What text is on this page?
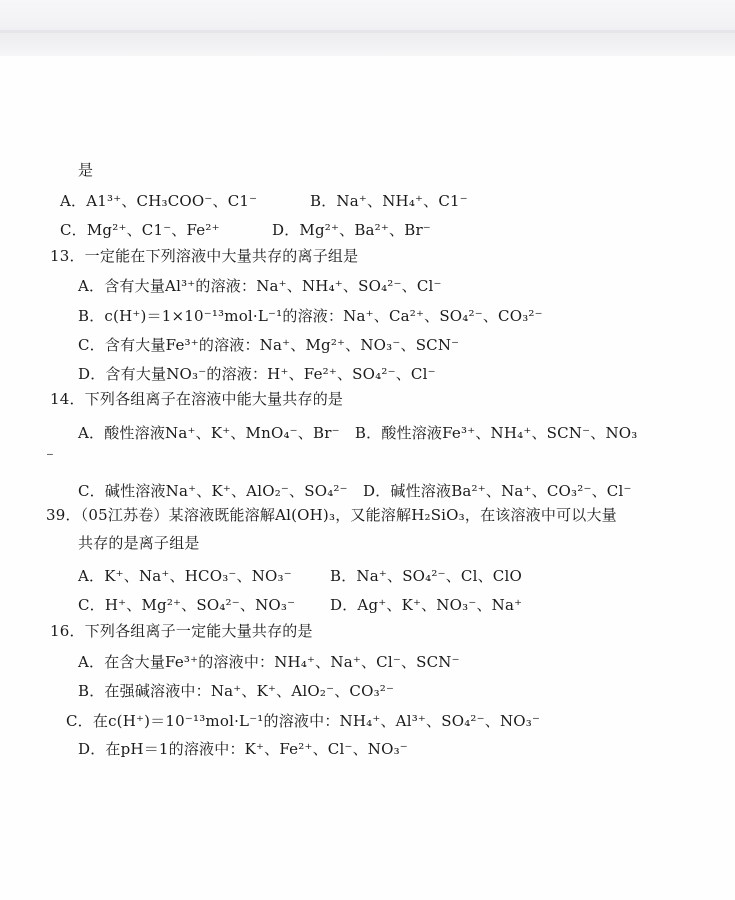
是
A．A1³⁺、CH₃COO⁻、C1⁻	B．Na⁺、NH₄⁺、C1⁻
C．Mg²⁺、C1⁻、Fe²⁺	D．Mg²⁺、Ba²⁺、Br⁻
13．一定能在下列溶液中大量共存的离子组是
A．含有大量Al³⁺的溶液：Na⁺、NH₄⁺、SO₄²⁻、Cl⁻
B．c(H⁺)＝1×10⁻¹³mol·L⁻¹的溶液：Na⁺、Ca²⁺、SO₄²⁻、CO₃²⁻
C．含有大量Fe³⁺的溶液：Na⁺、Mg²⁺、NO₃⁻、SCN⁻
D．含有大量NO₃⁻的溶液：H⁺、Fe²⁺、SO₄²⁻、Cl⁻
14．下列各组离子在溶液中能大量共存的是
A．酸性溶液Na⁺、K⁺、MnO₄⁻、Br⁻　B．酸性溶液Fe³⁺、NH₄⁺、SCN⁻、NO₃
⁻
C．碱性溶液Na⁺、K⁺、AlO₂⁻、SO₄²⁻　D．碱性溶液Ba²⁺、Na⁺、CO₃²⁻、Cl⁻
39．（05江苏卷）某溶液既能溶解Al(OH)₃，又能溶解H₂SiO₃，在该溶液中可以大量
共存的是离子组是
A．K⁺、Na⁺、HCO₃⁻、NO₃⁻	B．Na⁺、SO₄²⁻、Cl、ClO
C．H⁺、Mg²⁺、SO₄²⁻、NO₃⁻ D．Ag⁺、K⁺、NO₃⁻、Na⁺
16．下列各组离子一定能大量共存的是
A．在含大量Fe³⁺的溶液中：NH₄⁺、Na⁺、Cl⁻、SCN⁻
B．在强碱溶液中：Na⁺、K⁺、AlO₂⁻、CO₃²⁻
C．在c(H⁺)＝10⁻¹³mol·L⁻¹的溶液中：NH₄⁺、Al³⁺、SO₄²⁻、NO₃⁻
D．在pH＝1的溶液中：K⁺、Fe²⁺、Cl⁻、NO₃⁻
